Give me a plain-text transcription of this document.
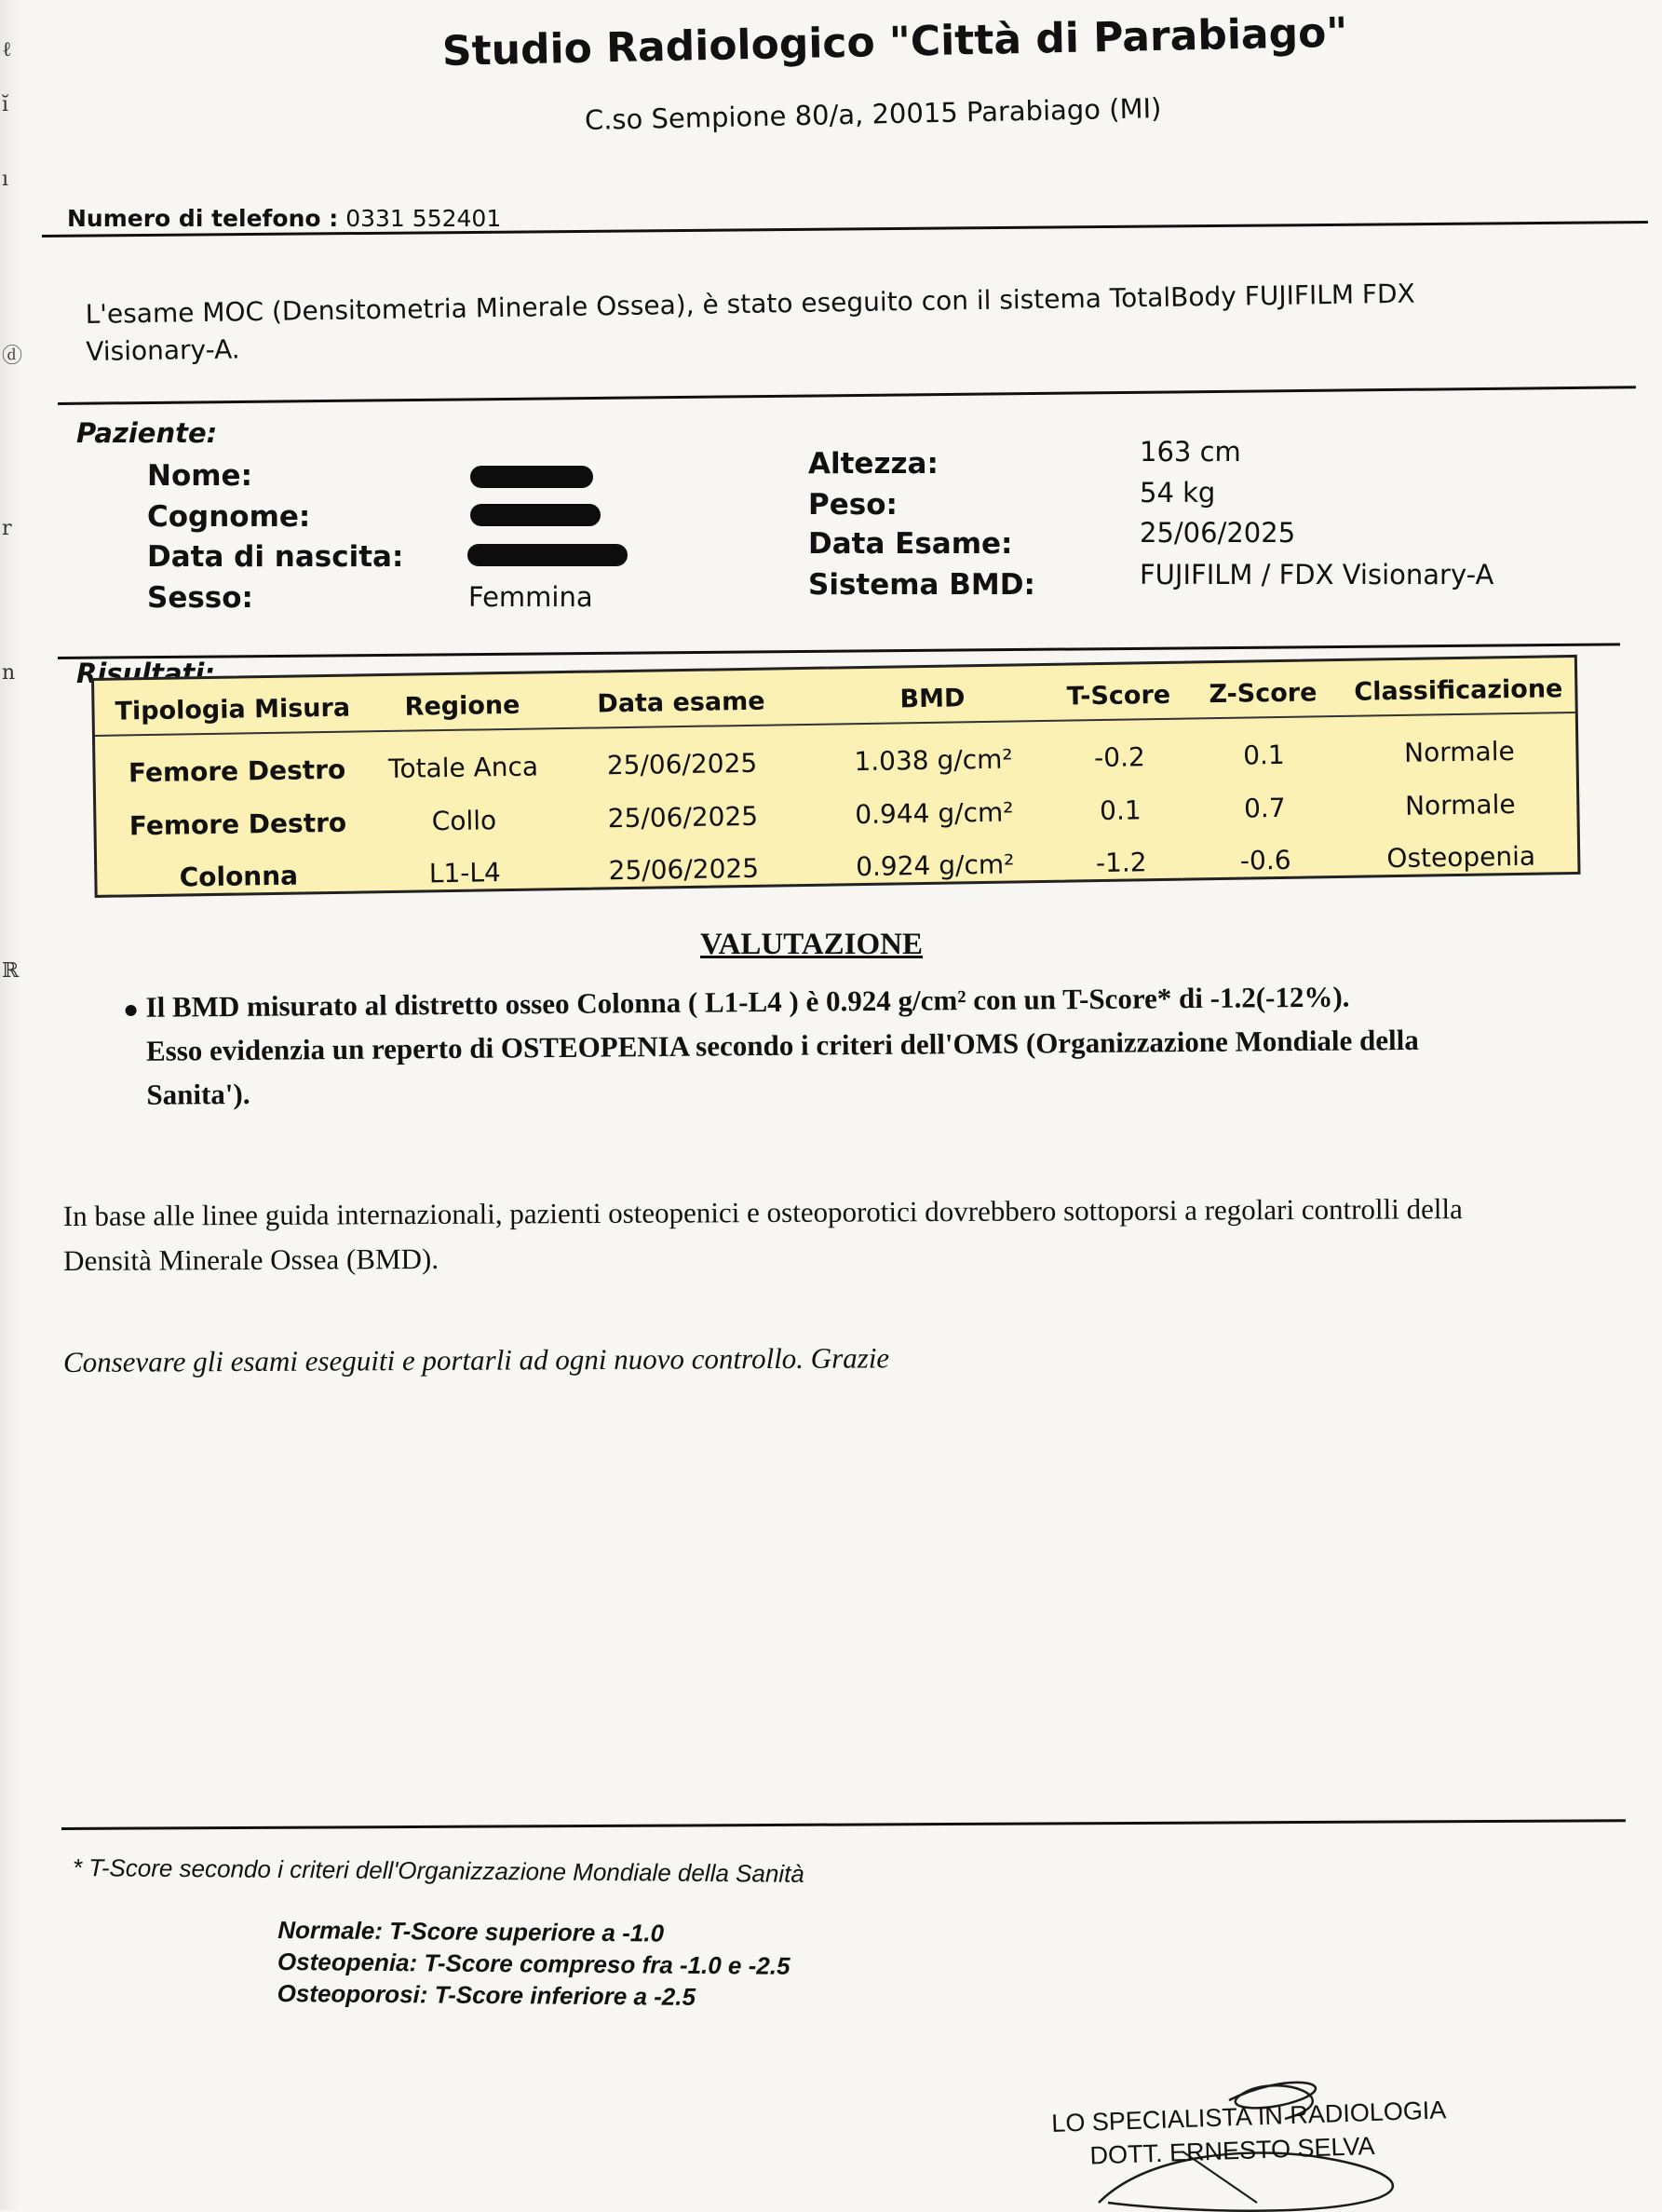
ℓ
ĭ
ı
ⓓ
r
n
ℝ
Studio Radiologico "Città di Parabiago"
C.so Sempione 80/a, 20015 Parabiago (MI)
Numero di telefono : 0331 552401
L'esame MOC (Densitometria Minerale Ossea), è stato eseguito con il sistema TotalBody FUJIFILM FDX
Visionary-A.
Paziente:
Nome:
Cognome:
Data di nascita:
Sesso:	Femmina
Altezza:	163 cm
Peso:	54 kg
Data Esame:	25/06/2025
Sistema BMD:	FUJIFILM / FDX Visionary-A
Risultati:
Tipologia Misura	Regione	Data esame	BMD	T-Score	Z-Score	Classificazione
Femore Destro	Totale Anca	25/06/2025	1.038 g/cm²	-0.2	0.1	Normale
Femore Destro	Collo	25/06/2025	0.944 g/cm²	0.1	0.7	Normale
Colonna	L1-L4	25/06/2025	0.924 g/cm²	-1.2	-0.6	Osteopenia
VALUTAZIONE
Il BMD misurato al distretto osseo Colonna ( L1-L4 ) è 0.924 g/cm² con un T-Score* di -1.2(-12%).
Esso evidenzia un reperto di OSTEOPENIA secondo i criteri dell'OMS (Organizzazione Mondiale della
Sanita').
In base alle linee guida internazionali, pazienti osteopenici e osteoporotici dovrebbero sottoporsi a regolari controlli della
Densità Minerale Ossea (BMD).
Consevare gli esami eseguiti e portarli ad ogni nuovo controllo. Grazie
* T-Score secondo i criteri dell'Organizzazione Mondiale della Sanità
Normale: T-Score superiore a -1.0
Osteopenia: T-Score compreso fra -1.0 e -2.5
Osteoporosi: T-Score inferiore a -2.5
LO SPECIALISTA IN RADIOLOGIA
DOTT. ERNESTO SELVA
